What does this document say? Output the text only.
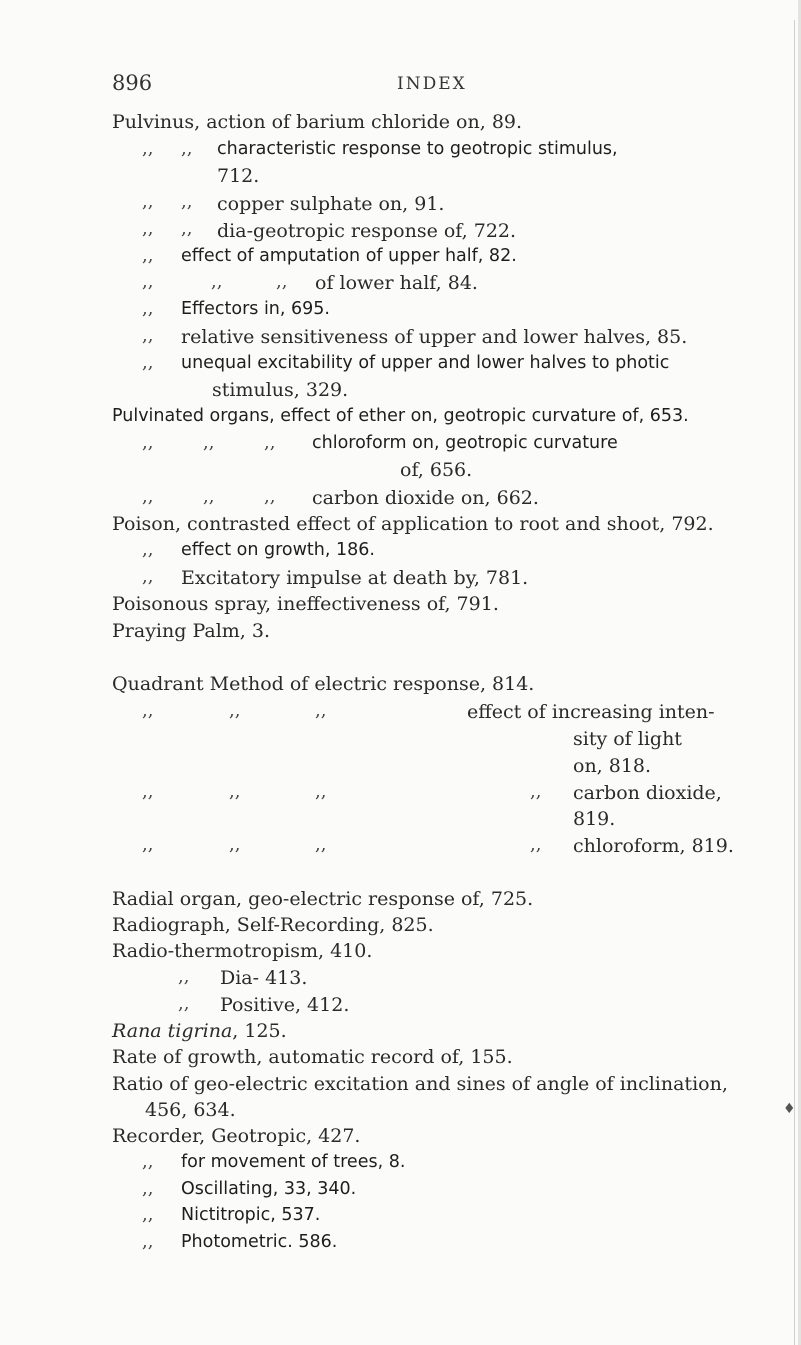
896	INDEX
Pulvinus, action of barium chloride on, 89.
,, ,, characteristic response to geotropic stimulus,
712.
,, ,, copper sulphate on, 91.
,, ,, dia-geotropic response of, 722.
,, effect of amputation of upper half, 82.
,,	,,	,, of lower half, 84.
,, Effectors in, 695.
,, relative sensitiveness of upper and lower halves, 85.
,, unequal excitability of upper and lower halves to photic
stimulus, 329.
Pulvinated organs, effect of ether on, geotropic curvature of, 653.
,,	,,	,, chloroform on, geotropic curvature
of, 656.
,,	,,	,, carbon dioxide on, 662.
Poison, contrasted effect of application to root and shoot, 792.
,, effect on growth, 186.
,, Excitatory impulse at death by, 781.
Poisonous spray, ineffectiveness of, 791.
Praying Palm, 3.
Quadrant Method of electric response, 814.
,,	,,	,,	effect of increasing inten-
sity of light
on, 818.
,,	,,	,,	,, carbon dioxide,
819.
,,	,,	,,	,, chloroform, 819.
Radial organ, geo-electric response of, 725.
Radiograph, Self-Recording, 825.
Radio-thermotropism, 410.
,, Dia- 413.
,, Positive, 412.
Rana tigrina, 125.
Rate of growth, automatic record of, 155.
Ratio of geo-electric excitation and sines of angle of inclination,
456, 634.
Recorder, Geotropic, 427.
,, for movement of trees, 8.
,, Oscillating, 33, 340.
,, Nictitropic, 537.
,, Photometric. 586.
♦
